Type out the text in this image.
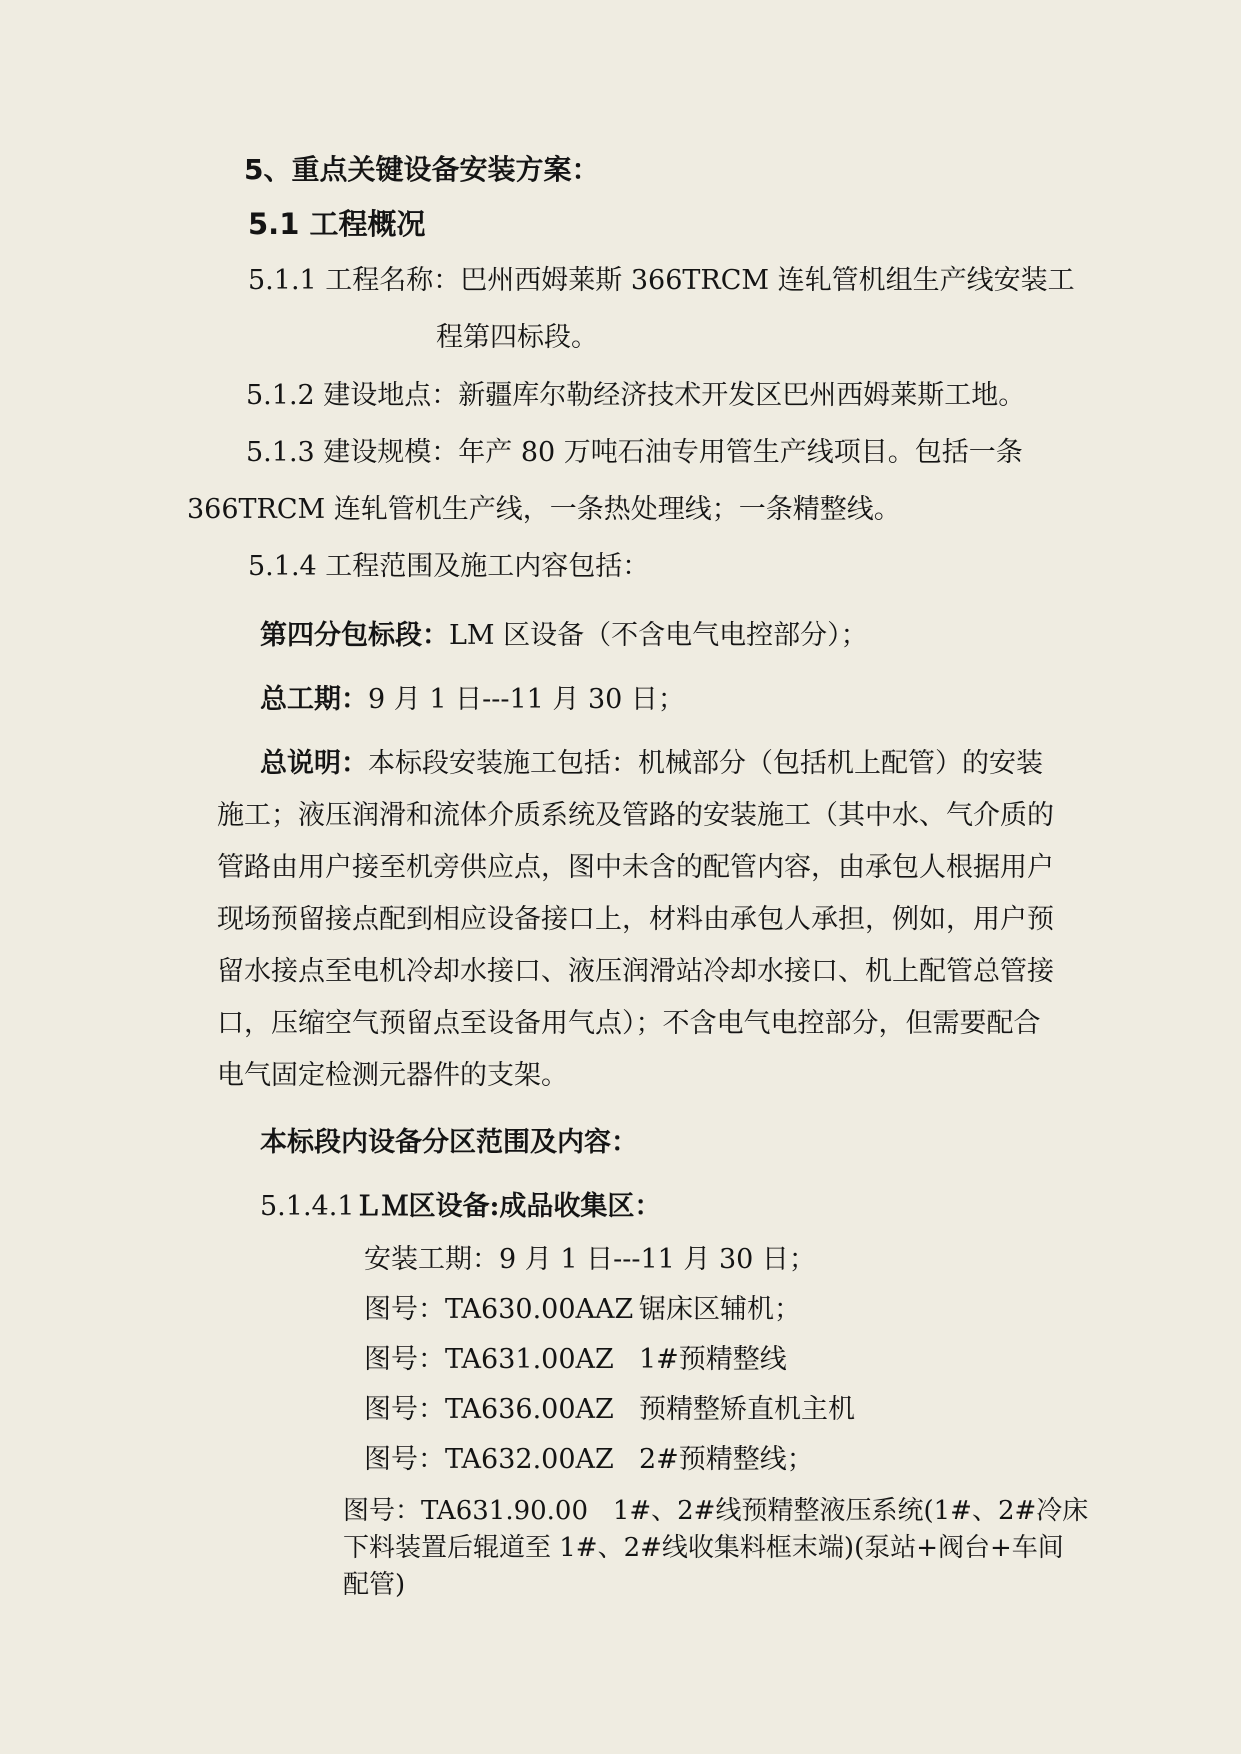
5、重点关键设备安装方案：
5.1 工程概况
5.1.1 工程名称：巴州西姆莱斯 366TRCM 连轧管机组生产线安装工
程第四标段。
5.1.2 建设地点：新疆库尔勒经济技术开发区巴州西姆莱斯工地。
5.1.3 建设规模：年产 80 万吨石油专用管生产线项目。包括一条
366TRCM 连轧管机生产线，一条热处理线；一条精整线。
5.1.4 工程范围及施工内容包括：
第四分包标段：LM 区设备（不含电气电控部分）；
总工期：9 月 1 日---11 月 30 日；
总说明：本标段安装施工包括：机械部分（包括机上配管）的安装
施工；液压润滑和流体介质系统及管路的安装施工（其中水、气介质的
管路由用户接至机旁供应点，图中未含的配管内容，由承包人根据用户
现场预留接点配到相应设备接口上，材料由承包人承担，例如，用户预
留水接点至电机冷却水接口、液压润滑站冷却水接口、机上配管总管接
口，压缩空气预留点至设备用气点）；不含电气电控部分，但需要配合
电气固定检测元器件的支架。
本标段内设备分区范围及内容：
5.1.4.1ＬＭ区设备:成品收集区：
安装工期：9 月 1 日---11 月 30 日；
图号：TA630.00AAZ 锯床区辅机；
图号：TA631.00AZ 1#预精整线
图号：TA636.00AZ 预精整矫直机主机
图号：TA632.00AZ 2#预精整线；
图号：TA631.90.00   1#、2#线预精整液压系统(1#、2#冷床
下料装置后辊道至 1#、2#线收集料框末端)(泵站+阀台+车间
配管)
